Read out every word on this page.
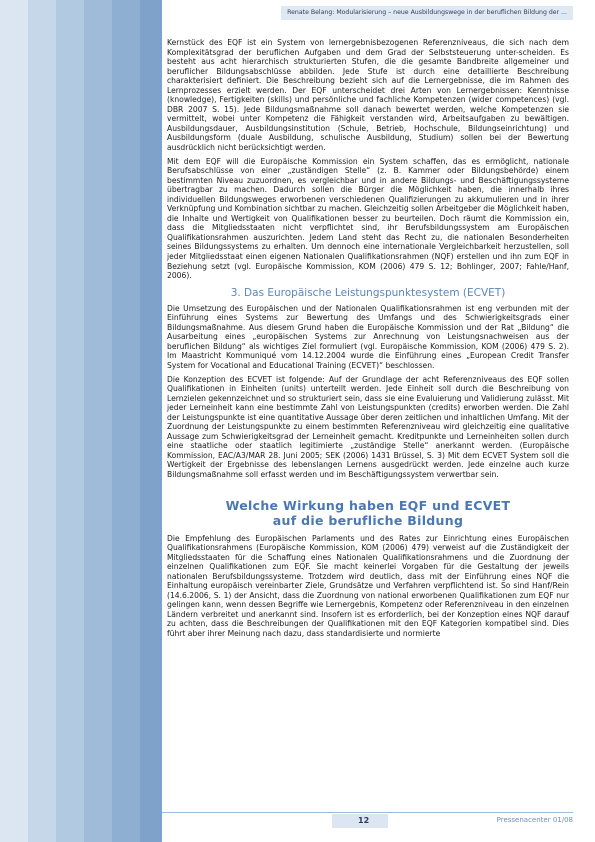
Renate Belang: Modularisierung – neue Ausbildungswege in der beruflichen Bildung der ...

Kernstück des EQF ist ein System von lernergebnisbezogenen Referenzniveaus, die sich nach dem Komplexitätsgrad der beruflichen Aufgaben und dem Grad der Selbststeuerung unter-scheiden. Es besteht aus acht hierarchisch strukturierten Stufen, die die gesamte Bandbreite allgemeiner und beruflicher Bildungsabschlüsse abbilden. Jede Stufe ist durch eine detaillierte Beschreibung charakterisiert definiert. Die Beschreibung bezieht sich auf die Lernergebnisse, die im Rahmen des Lernprozesses erzielt werden. Der EQF unterscheidet drei Arten von Lernergebnissen: Kenntnisse (knowledge), Fertigkeiten (skills) und persönliche und fachliche Kompetenzen (wider competences) (vgl. DBR 2007 S. 15). Jede Bildungsmaßnahme soll danach bewertet werden, welche Kompetenzen sie vermittelt, wobei unter Kompetenz die Fähigkeit verstanden wird, Arbeitsaufgaben zu bewältigen. Ausbildungsdauer, Ausbildungsinstitution (Schule, Betrieb, Hochschule, Bildungseinrichtung) und Ausbildungsform (duale Ausbildung, schulische Ausbildung, Studium) sollen bei der Bewertung ausdrücklich nicht berücksichtigt werden.

Mit dem EQF will die Europäische Kommission ein System schaffen, das es ermöglicht, nationale Berufsabschlüsse von einer „zuständigen Stelle“ (z. B. Kammer oder Bildungsbehörde) einem bestimmten Niveau zuzuordnen, es vergleichbar und in andere Bildungs- und Beschäftigungssysteme übertragbar zu machen. Dadurch sollen die Bürger die Möglichkeit haben, die innerhalb ihres individuellen Bildungsweges erworbenen verschiedenen Qualifizierungen zu akkumulieren und in ihrer Verknüpfung und Kombination sichtbar zu machen. Gleichzeitig sollen Arbeitgeber die Möglichkeit haben, die Inhalte und Wertigkeit von Qualifikationen besser zu beurteilen. Doch räumt die Kommission ein, dass die Mitgliedsstaaten nicht verpflichtet sind, ihr Berufsbildungssystem am Europäischen Qualifikationsrahmen auszurichten. Jedem Land steht das Recht zu, die nationalen Besonderheiten seines Bildungssystems zu erhalten. Um dennoch eine internationale Vergleichbarkeit herzustellen, soll jeder Mitgliedsstaat einen eigenen Nationalen Qualifikationsrahmen (NQF) erstellen und ihn zum EQF in Beziehung setzt (vgl. Europäische Kommission, KOM (2006) 479 S. 12; Bohlinger, 2007; Fahle/Hanf, 2006).

3. Das Europäische Leistungspunktesystem (ECVET)

Die Umsetzung des Europäischen und der Nationalen Qualifikationsrahmen ist eng verbunden mit der Einführung eines Systems zur Bewertung des Umfangs und des Schwierigkeitsgrads einer Bildungsmaßnahme. Aus diesem Grund haben die Europäische Kommission und der Rat „Bildung“ die Ausarbeitung eines „europäischen Systems zur Anrechnung von Leistungsnachweisen aus der beruflichen Bildung“ als wichtiges Ziel formuliert (vgl. Europäische Kommission, KOM (2006) 479 S. 2). Im Maastricht Kommuniqué vom 14.12.2004 wurde die Einführung eines „European Credit Transfer System for Vocational and Educational Training (ECVET)“ beschlossen.

Die Konzeption des ECVET ist folgende: Auf der Grundlage der acht Referenzniveaus des EQF sollen Qualifikationen in Einheiten (units) unterteilt werden. Jede Einheit soll durch die Beschreibung von Lernzielen gekennzeichnet und so strukturiert sein, dass sie eine Evaluierung und Validierung zulässt. Mit jeder Lerneinheit kann eine bestimmte Zahl von Leistungspunkten (credits) erworben werden. Die Zahl der Leistungspunkte ist eine quantitative Aussage über deren zeitlichen und inhaltlichen Umfang. Mit der Zuordnung der Leistungspunkte zu einem bestimmten Referenzniveau wird gleichzeitig eine qualitative Aussage zum Schwierigkeitsgrad der Lerneinheit gemacht. Kreditpunkte und Lerneinheiten sollen durch eine staatliche oder staatlich legitimierte „zuständige Stelle“ anerkannt werden. (Europäische Kommission, EAC/A3/MAR 28. Juni 2005; SEK (2006) 1431 Brüssel, S. 3) Mit dem ECVET System soll die Wertigkeit der Ergebnisse des lebenslangen Lernens ausgedrückt werden. Jede einzelne auch kurze Bildungsmaßnahme soll erfasst werden und im Beschäftigungssystem verwertbar sein.

Welche Wirkung haben EQF und ECVET
auf die berufliche Bildung

Die Empfehlung des Europäischen Parlaments und des Rates zur Einrichtung eines Europäischen Qualifikationsrahmens (Europäische Kommission, KOM (2006) 479) verweist auf die Zuständigkeit der Mitgliedsstaaten für die Schaffung eines Nationalen Qualifikationsrahmens und die Zuordnung der einzelnen Qualifikationen zum EQF. Sie macht keinerlei Vorgaben für die Gestaltung der jeweils nationalen Berufsbildungssysteme. Trotzdem wird deutlich, dass mit der Einführung eines NQF die Einhaltung europäisch vereinbarter Ziele, Grundsätze und Verfahren verpflichtend ist. So sind Hanf/Rein (14.6.2006, S. 1) der Ansicht, dass die Zuordnung von national erworbenen Qualifikationen zum EQF nur gelingen kann, wenn dessen Begriffe wie Lernergebnis, Kompetenz oder Referenzniveau in den einzelnen Ländern verbreitet und anerkannt sind. Insofern ist es erforderlich, bei der Konzeption eines NQF darauf zu achten, dass die Beschreibungen der Qualifikationen mit den EQF Kategorien kompatibel sind. Dies führt aber ihrer Meinung nach dazu, dass standardisierte und normierte

12	Pressenacenter 01/08
